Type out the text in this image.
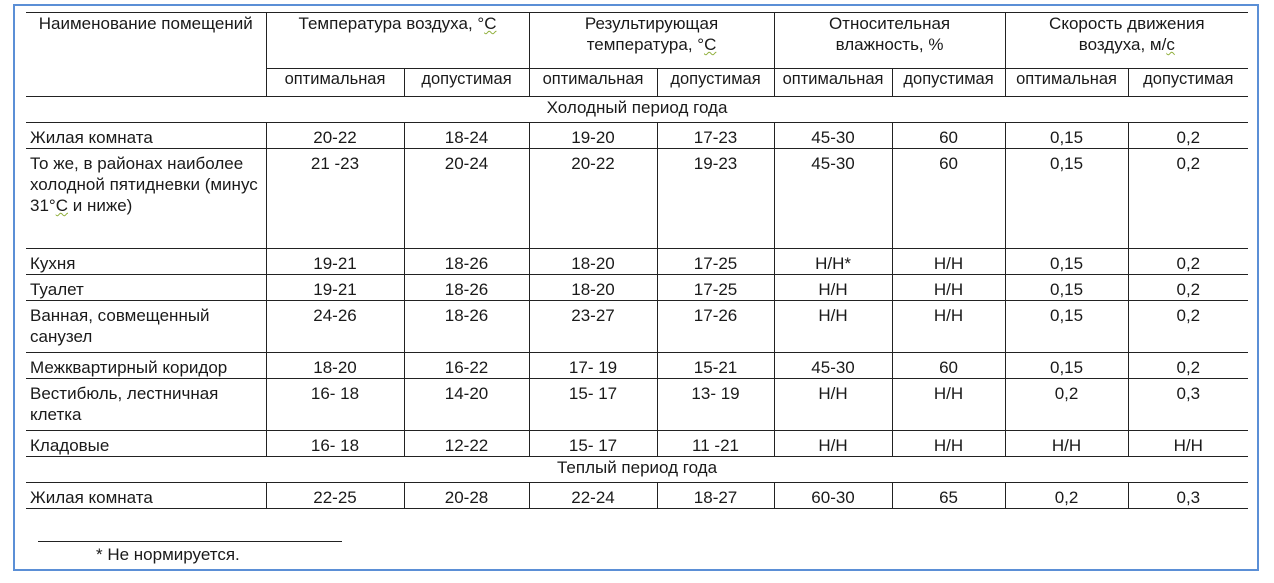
Наименование помещений	Температура воздуха, °C		Результирующая температура, °C		Относительная влажность, %		Скорость движения воздуха, м/с	
	оптимальная	допустимая	оптимальная	допустимая	оптимальная	допустимая	оптимальная	допустимая
Холодный период года								
Жилая комната	20-22	18-24	19-20	17-23	45-30	60	0,15	0,2
То же, в районах наиболее холодной пятидневки (минус 31°C и ниже)	21 -23	20-24	20-22	19-23	45-30	60	0,15	0,2
Кухня	19-21	18-26	18-20	17-25	Н/Н*	Н/Н	0,15	0,2
Туалет	19-21	18-26	18-20	17-25	Н/Н	Н/Н	0,15	0,2
Ванная, совмещенный санузел	24-26	18-26	23-27	17-26	Н/Н	Н/Н	0,15	0,2
Межквартирный коридор	18-20	16-22	17- 19	15-21	45-30	60	0,15	0,2
Вестибюль, лестничная клетка	16- 18	14-20	15- 17	13- 19	Н/Н	Н/Н	0,2	0,3
Кладовые	16- 18	12-22	15- 17	11 -21	Н/Н	Н/Н	Н/Н	Н/Н
Теплый период года								
Жилая комната	22-25	20-28	22-24	18-27	60-30	65	0,2	0,3
* Не нормируется.
